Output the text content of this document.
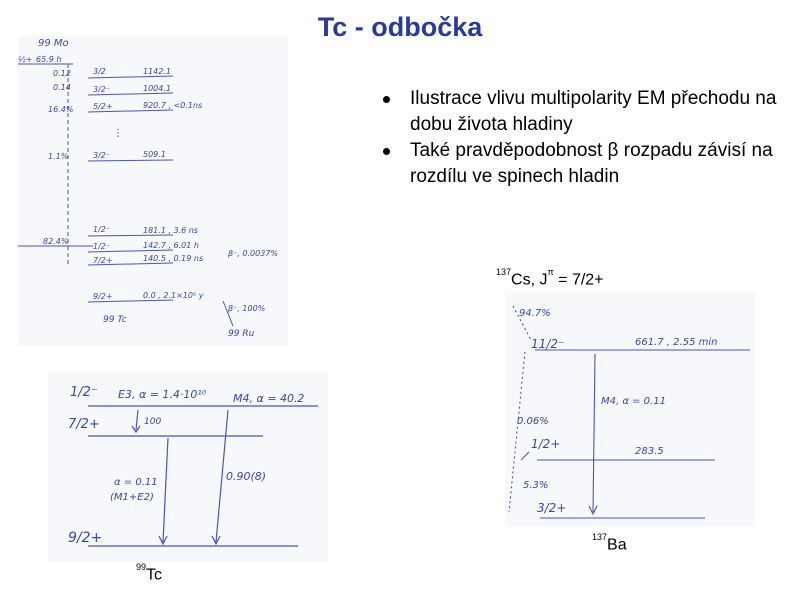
Tc - odbočka
Ilustrace vlivu multipolarity EM přechodu na dobu života hladiny
Také pravděpodobnost β rozpadu závisí na rozdílu ve spinech hladin
99 Mo
½+ 65.9 h
0.12	3/2	1142.1
0.14	3/2⁻	1004.1
16.4% 5/2+	920.7 , <0.1ns
⋮
1.1%	3/2⁻	509.1
82.4%
1/2⁻	181.1 , 3.6 ns
1/2⁻	142.7 , 6.01 h
7/2+	140.5 , 0.19 ns
β⁻, 0.0037%
9/2+	0.0 , 2.1×10⁵ y
99 Tc
β⁻, 100%
99 Ru
1/2⁻
7/2+
9/2+
E3, α = 1.4·10¹⁰ M4, α = 40.2
100
α = 0.11
(M1+E2)
0.90(8)
$^{99}$Tc
$^{137}$Cs, $J^\pi = 7/2+$
94.7%
11/2⁻	661.7 , 2.55 min
M4, α = 0.11
0.06%
1/2+
283.5
5.3%
3/2+
$^{137}$Ba
